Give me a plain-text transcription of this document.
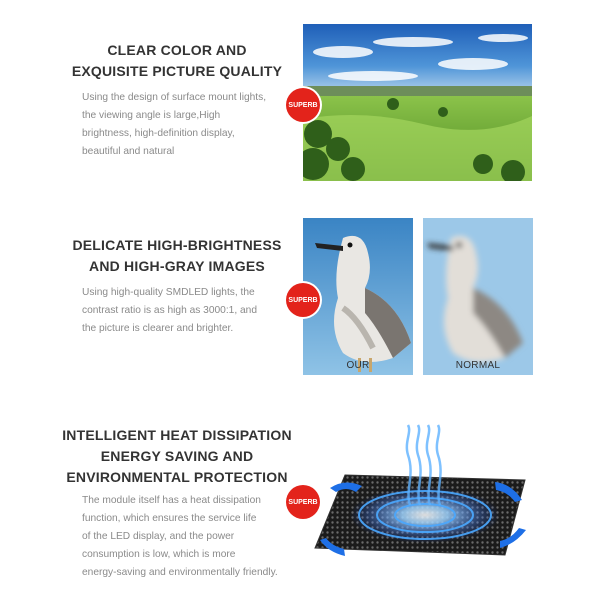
CLEAR COLOR AND
EXQUISITE PICTURE QUALITY
Using the design of surface mount lights,
the viewing angle is large,High
brightness, high-definition display,
beautiful and natural
SUPERB
DELICATE HIGH-BRIGHTNESS
AND HIGH-GRAY IMAGES
Using high-quality SMDLED lights, the
contrast ratio is as high as 3000:1, and
the picture is clearer and brighter.
SUPERB
OUR	NORMAL
INTELLIGENT HEAT DISSIPATION
ENERGY SAVING AND
ENVIRONMENTAL PROTECTION
The module itself has a heat dissipation
function, which ensures the service life
of the LED display, and the power
consumption is low, which is more
energy-saving and environmentally friendly.
SUPERB
